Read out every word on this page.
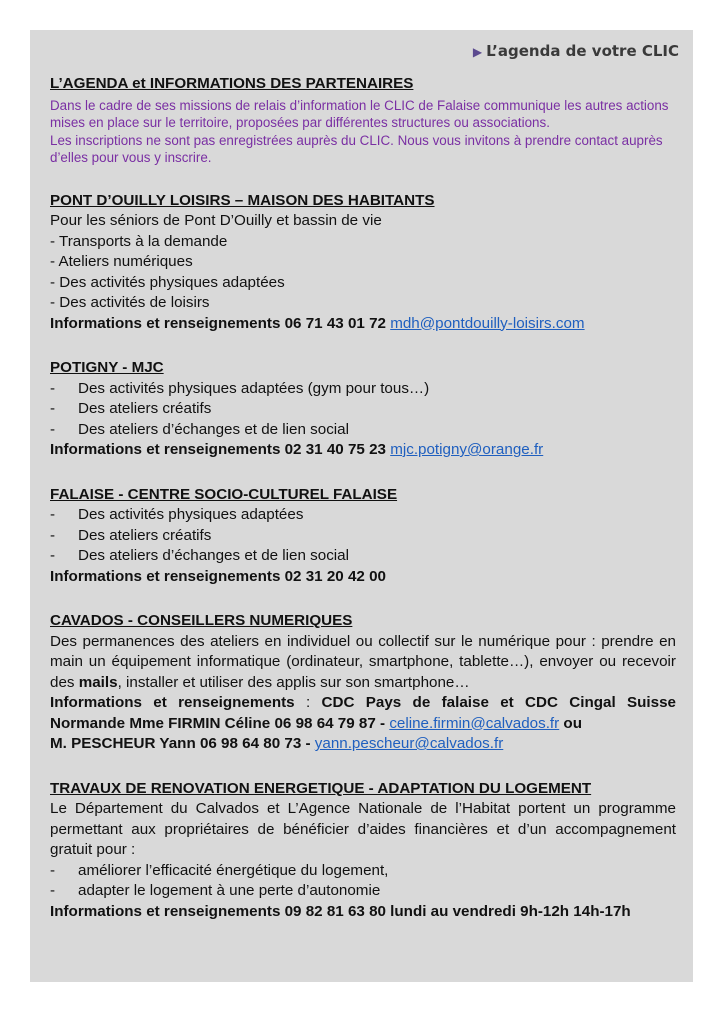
▶ L’agenda de votre CLIC

L’AGENDA et INFORMATIONS DES PARTENAIRES

Dans le cadre de ses missions de relais d’information le CLIC de Falaise communique les autres actions mises en place sur le territoire, proposées par différentes structures ou associations.

Les inscriptions ne sont pas enregistrées auprès du CLIC. Nous vous invitons à prendre contact auprès d’elles pour vous y inscrire.

PONT D’OUILLY LOISIRS – MAISON DES HABITANTS

Pour les séniors de Pont D’Ouilly et bassin de vie

- Transports à la demande

- Ateliers numériques

- Des activités physiques adaptées

- Des activités de loisirs

Informations et renseignements 06 71 43 01 72 mdh@pontdouilly-loisirs.com

POTIGNY - MJC

-	Des activités physiques adaptées (gym pour tous…)
-	Des ateliers créatifs
-	Des ateliers d’échanges et de lien social

Informations et renseignements 02 31 40 75 23 mjc.potigny@orange.fr

FALAISE - CENTRE SOCIO-CULTUREL FALAISE

-	Des activités physiques adaptées
-	Des ateliers créatifs
-	Des ateliers d’échanges et de lien social

Informations et renseignements 02 31 20 42 00

CAVADOS - CONSEILLERS NUMERIQUES

Des permanences des ateliers en individuel ou collectif sur le numérique pour : prendre en main un équipement informatique (ordinateur, smartphone, tablette…), envoyer ou recevoir des mails, installer et utiliser des applis sur son smartphone…

Informations et renseignements : CDC Pays de falaise et CDC Cingal Suisse Normande Mme FIRMIN Céline 06 98 64 79 87 - celine.firmin@calvados.fr ou

M. PESCHEUR Yann 06 98 64 80 73 - yann.pescheur@calvados.fr

TRAVAUX DE RENOVATION ENERGETIQUE - ADAPTATION DU LOGEMENT

Le Département du Calvados et L’Agence Nationale de l’Habitat portent un programme permettant aux propriétaires de bénéficier d’aides financières et d’un accompagnement gratuit pour :

-	améliorer l’efficacité énergétique du logement,
-	adapter le logement à une perte d’autonomie

Informations et renseignements 09 82 81 63 80 lundi au vendredi 9h-12h 14h-17h
